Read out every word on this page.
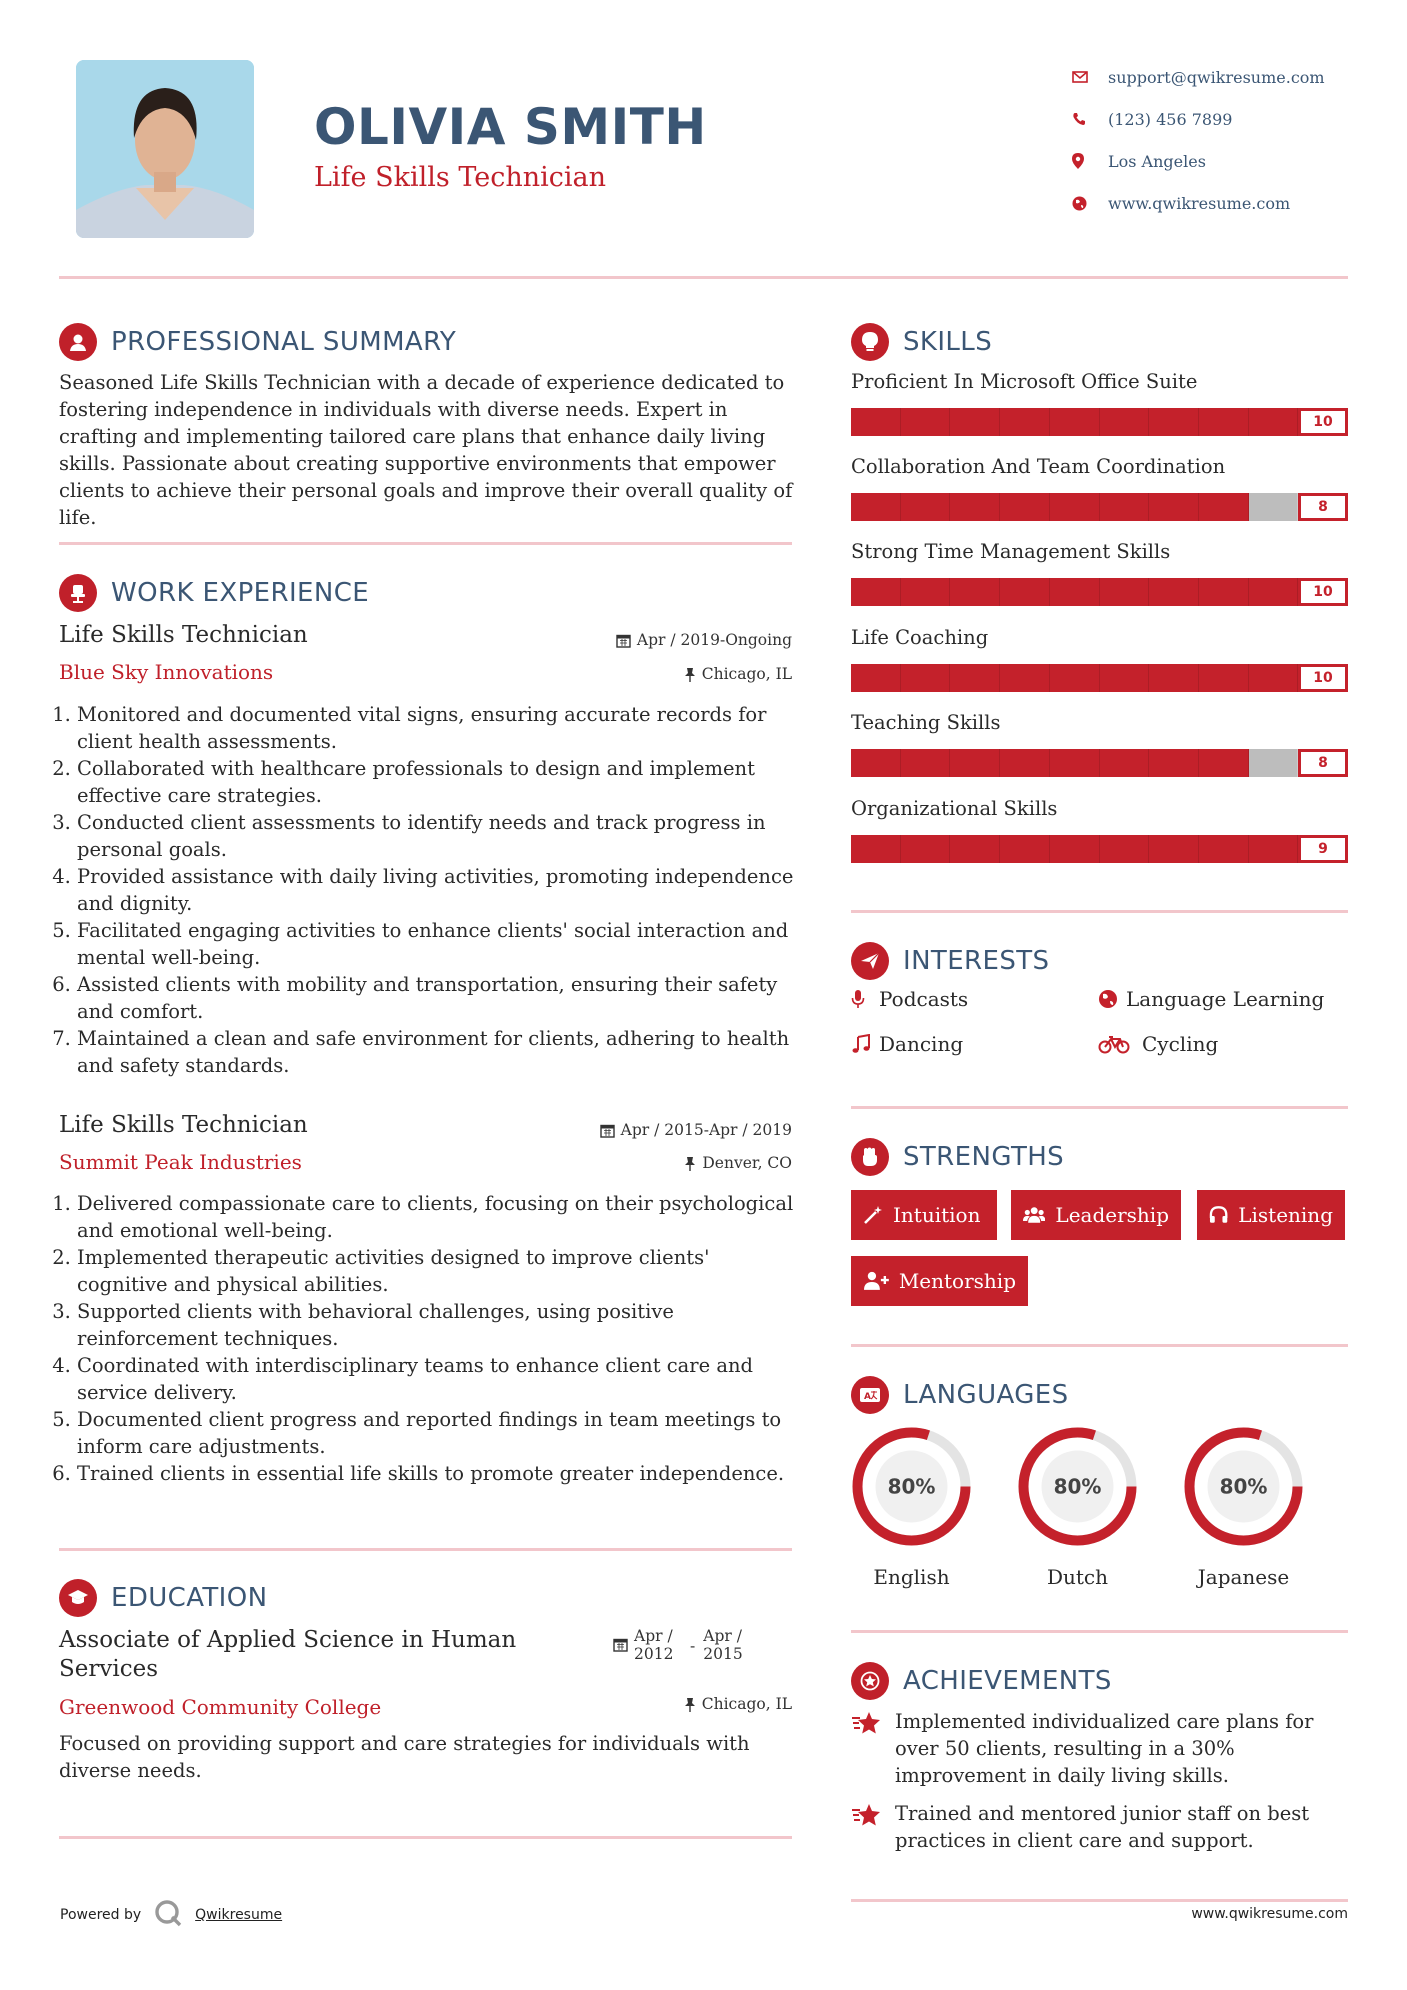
OLIVIA SMITH
Life Skills Technician
support@qwikresume.com
(123) 456 7899
Los Angeles
www.qwikresume.com
PROFESSIONAL SUMMARY
Seasoned Life Skills Technician with a decade of experience dedicated to fostering independence in individuals with diverse needs. Expert in crafting and implementing tailored care plans that enhance daily living skills. Passionate about creating supportive environments that empower clients to achieve their personal goals and improve their overall quality of life.
WORK EXPERIENCE
Life Skills Technician	Apr / 2019-Ongoing
Blue Sky Innovations	Chicago, IL
1. Monitored and documented vital signs, ensuring accurate records for client health assessments.
2. Collaborated with healthcare professionals to design and implement effective care strategies.
3. Conducted client assessments to identify needs and track progress in personal goals.
4. Provided assistance with daily living activities, promoting independence and dignity.
5. Facilitated engaging activities to enhance clients' social interaction and mental well-being.
6. Assisted clients with mobility and transportation, ensuring their safety and comfort.
7. Maintained a clean and safe environment for clients, adhering to health and safety standards.
Life Skills Technician	Apr / 2015-Apr / 2019
Summit Peak Industries	Denver, CO
1. Delivered compassionate care to clients, focusing on their psychological and emotional well-being.
2. Implemented therapeutic activities designed to improve clients' cognitive and physical abilities.
3. Supported clients with behavioral challenges, using positive reinforcement techniques.
4. Coordinated with interdisciplinary teams to enhance client care and service delivery.
5. Documented client progress and reported findings in team meetings to inform care adjustments.
6. Trained clients in essential life skills to promote greater independence.
EDUCATION
Associate of Applied Science in Human
Services
Apr /
2012	-
Apr /
2015
Greenwood Community College	Chicago, IL
Focused on providing support and care strategies for individuals with diverse needs.
SKILLS
Proficient In Microsoft Office Suite
10
Collaboration And Team Coordination
8
Strong Time Management Skills
10
Life Coaching
10
Teaching Skills
8
Organizational Skills
9
INTERESTS
Podcasts	Language Learning
Dancing	Cycling
STRENGTHS
Intuition	Leadership	Listening
Mentorship
A LANGUAGES
80%
English
80%
Dutch
80%
Japanese
ACHIEVEMENTS
Implemented individualized care plans for over 50 clients, resulting in a 30% improvement in daily living skills.
Trained and mentored junior staff on best practices in client care and support.
Powered by	Qwikresume	www.qwikresume.com
